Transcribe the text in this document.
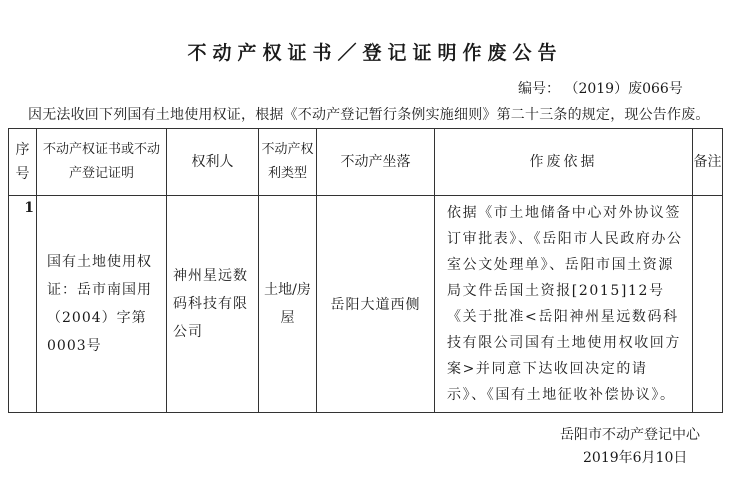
不动产权证书／登记证明作废公告
编号： （2019）废066号
因无法收回下列国有土地使用权证，根据《不动产登记暂行条例实施细则》第二十三条的规定，现公告作废。
序号	不动产权证书或不动产登记证明	权利人	不动产权利类型	不动产坐落	作废依据	备注

1	国有土地使用权证：岳市南国用（2004）字第0003号	神州星远数码科技有限公司	土地/房屋	岳阳大道西侧	依据《市土地储备中心对外协议签订审批表》、《岳阳市人民政府办公室公文处理单》、岳阳市国土资源局文件岳国土资报[2015]12号《关于批准<岳阳神州星远数码科技有限公司国有土地使用权收回方案>并同意下达收回决定的请示》、《国有土地征收补偿协议》。	

岳阳市不动产登记中心
2019年6月10日
